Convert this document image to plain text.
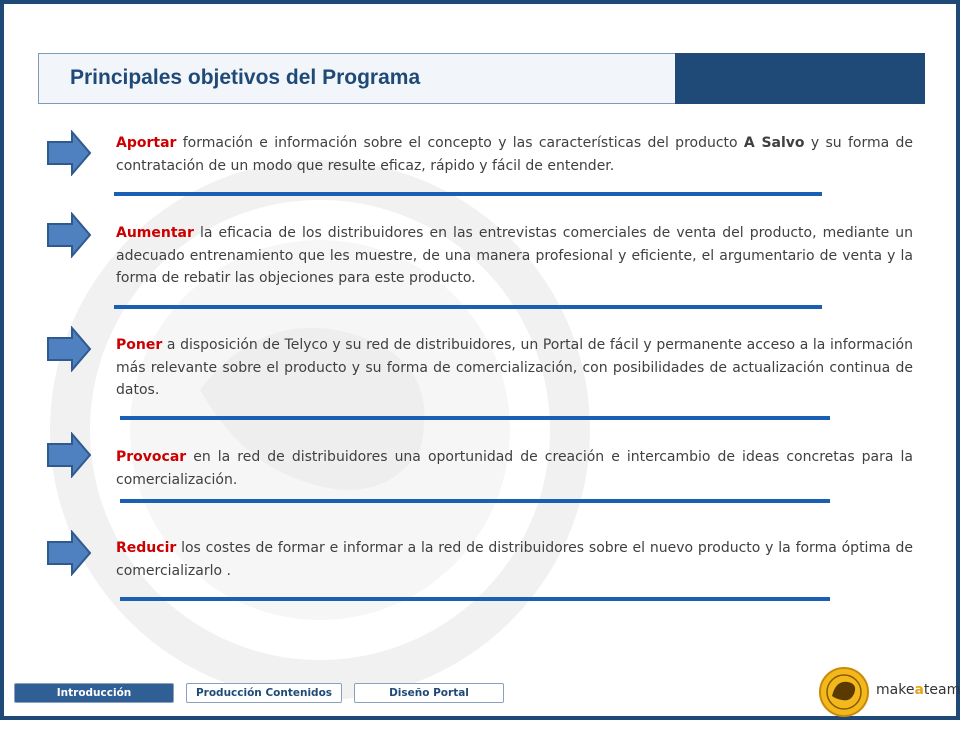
Principales objetivos del Programa
Aportar formación e información sobre el concepto y las características del producto A Salvo y su forma de contratación de un modo que resulte eficaz, rápido y fácil de entender.
Aumentar la eficacia de los distribuidores en las entrevistas comerciales de venta del producto, mediante un adecuado entrenamiento que les muestre, de una manera profesional y eficiente, el argumentario de venta y la forma de rebatir las objeciones para este producto.
Poner a disposición de Telyco y su red de distribuidores, un Portal de fácil y permanente acceso a la información más relevante sobre el producto y su forma de comercialización, con posibilidades de actualización continua de datos.
Provocar en la red de distribuidores una oportunidad de creación e intercambio de ideas concretas para la comercialización.
Reducir los costes de formar e informar a la red de distribuidores sobre el nuevo producto y la forma óptima de comercializarlo .
Introducción	Producción Contenidos	Diseño Portal	makeateam
